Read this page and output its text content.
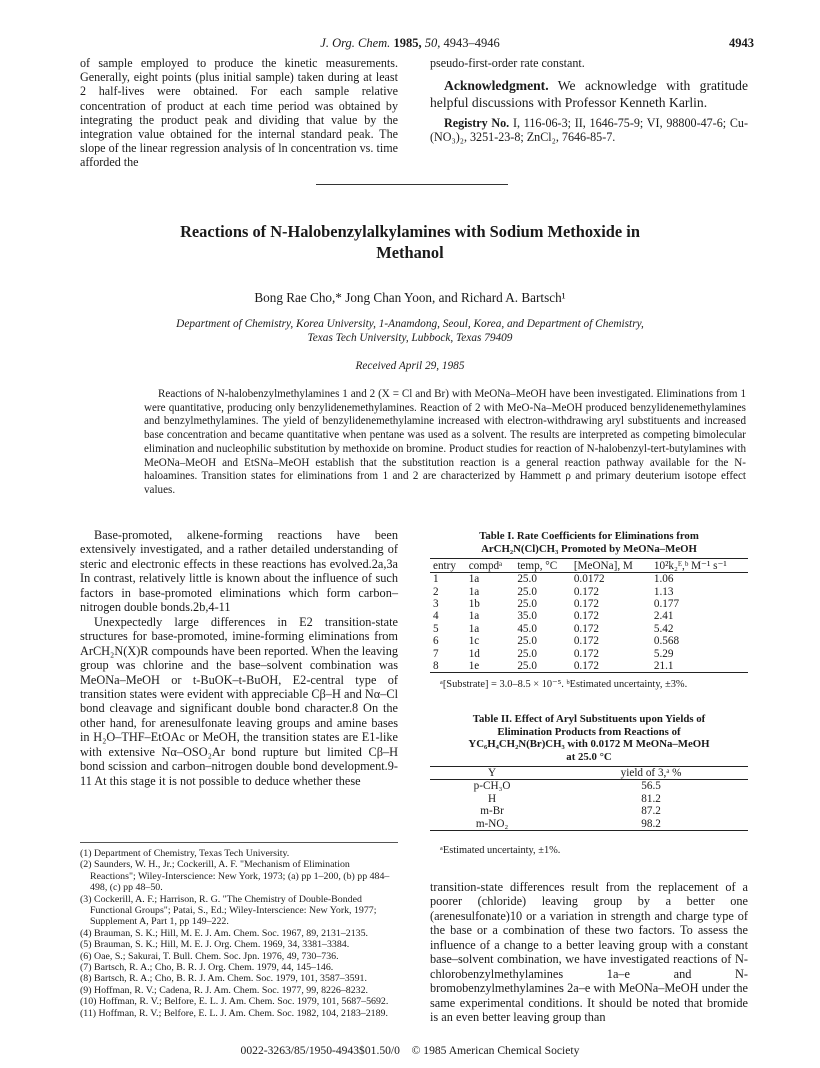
J. Org. Chem. 1985, 50, 4943–4946	4943
of sample employed to produce the kinetic measurements. Generally, eight points (plus initial sample) taken during at least 2 half-lives were obtained. For each sample relative concentration of product at each time period was obtained by integrating the product peak and dividing that value by the integration value obtained for the internal standard peak. The slope of the linear regression analysis of ln concentration vs. time afforded the
pseudo-first-order rate constant.
Acknowledgment. We acknowledge with gratitude helpful discussions with Professor Kenneth Karlin.
Registry No. I, 116-06-3; II, 1646-75-9; VI, 98800-47-6; Cu-(NO₃)₂, 3251-23-8; ZnCl₂, 7646-85-7.
Reactions of N-Halobenzylalkylamines with Sodium Methoxide in
Methanol
Bong Rae Cho,* Jong Chan Yoon, and Richard A. Bartsch¹
Department of Chemistry, Korea University, 1-Anamdong, Seoul, Korea, and Department of Chemistry,
Texas Tech University, Lubbock, Texas 79409
Received April 29, 1985
Reactions of N-halobenzylmethylamines 1 and 2 (X = Cl and Br) with MeONa–MeOH have been investigated. Eliminations from 1 were quantitative, producing only benzylidenemethylamines. Reaction of 2 with MeO-Na–MeOH produced benzylidenemethylamines and benzylmethylamines. The yield of benzylidenemethylamine increased with electron-withdrawing aryl substituents and increased base concentration and became quantitative when pentane was used as a solvent. The results are interpreted as competing bimolecular elimination and nucleophilic substitution by methoxide on bromine. Product studies for reaction of N-halobenzyl-tert-butylamines with MeONa–MeOH and EtSNa–MeOH establish that the substitution reaction is a general reaction pathway available for the N-haloamines. Transition states for eliminations from 1 and 2 are characterized by Hammett ρ and primary deuterium isotope effect values.

Base-promoted, alkene-forming reactions have been extensively investigated, and a rather detailed understanding of steric and electronic effects in these reactions has evolved.2a,3a In contrast, relatively little is known about the influence of such factors in base-promoted eliminations which form carbon–nitrogen double bonds.2b,4-11

Unexpectedly large differences in E2 transition-state structures for base-promoted, imine-forming eliminations from ArCH₂N(X)R compounds have been reported. When the leaving group was chlorine and the base–solvent combination was MeONa–MeOH or t-BuOK–t-BuOH, E2-central type of transition states were evident with appreciable Cβ–H and Nα–Cl bond cleavage and significant double bond character.8 On the other hand, for arenesulfonate leaving groups and amine bases in H₂O–THF–EtOAc or MeOH, the transition states are E1-like with extensive Nα–OSO₂Ar bond rupture but limited Cβ–H bond scission and carbon–nitrogen double bond development.9-11 At this stage it is not possible to deduce whether these

(1) Department of Chemistry, Texas Tech University.
(2) Saunders, W. H., Jr.; Cockerill, A. F. "Mechanism of Elimination Reactions"; Wiley-Interscience: New York, 1973; (a) pp 1–200, (b) pp 484–498, (c) pp 48–50.
(3) Cockerill, A. F.; Harrison, R. G. "The Chemistry of Double-Bonded Functional Groups"; Patai, S., Ed.; Wiley-Interscience: New York, 1977; Supplement A, Part 1, pp 149–222.
(4) Brauman, S. K.; Hill, M. E. J. Am. Chem. Soc. 1967, 89, 2131–2135.
(5) Brauman, S. K.; Hill, M. E. J. Org. Chem. 1969, 34, 3381–3384.
(6) Oae, S.; Sakurai, T. Bull. Chem. Soc. Jpn. 1976, 49, 730–736.
(7) Bartsch, R. A.; Cho, B. R. J. Org. Chem. 1979, 44, 145–146.
(8) Bartsch, R. A.; Cho, B. R. J. Am. Chem. Soc. 1979, 101, 3587–3591.
(9) Hoffman, R. V.; Cadena, R. J. Am. Chem. Soc. 1977, 99, 8226–8232.
(10) Hoffman, R. V.; Belfore, E. L. J. Am. Chem. Soc. 1979, 101, 5687–5692.
(11) Hoffman, R. V.; Belfore, E. L. J. Am. Chem. Soc. 1982, 104, 2183–2189.
Table I. Rate Coefficients for Eliminations from
ArCH₂N(Cl)CH₃ Promoted by MeONa–MeOH
entry	compdᵃ	temp, °C	[MeONa], M	10²k₂ᴱ,ᵇ M⁻¹ s⁻¹
1	1a	25.0	0.0172	1.06
2	1a	25.0	0.172	1.13
3	1b	25.0	0.172	0.177
4	1a	35.0	0.172	2.41
5	1a	45.0	0.172	5.42
6	1c	25.0	0.172	0.568
7	1d	25.0	0.172	5.29
8	1e	25.0	0.172	21.1
ᵃ[Substrate] = 3.0–8.5 × 10⁻⁵. ᵇEstimated uncertainty, ±3%.
Table II. Effect of Aryl Substituents upon Yields of
Elimination Products from Reactions of
YC₆H₄CH₂N(Br)CH₃ with 0.0172 M MeONa–MeOH
at 25.0 °C
Y	yield of 3,ᵃ %
p-CH₃O	56.5
H	81.2
m-Br	87.2
m-NO₂	98.2
ᵃEstimated uncertainty, ±1%.
transition-state differences result from the replacement of a poorer (chloride) leaving group by a better one (arenesulfonate)10 or a variation in strength and charge type of the base or a combination of these two factors. To assess the influence of a change to a better leaving group with a constant base–solvent combination, we have investigated reactions of N-chlorobenzylmethylamines 1a–e and N-bromobenzylmethylamines 2a–e with MeONa–MeOH under the same experimental conditions. It should be noted that bromide is an even better leaving group than
0022-3263/85/1950-4943$01.50/0 © 1985 American Chemical Society
